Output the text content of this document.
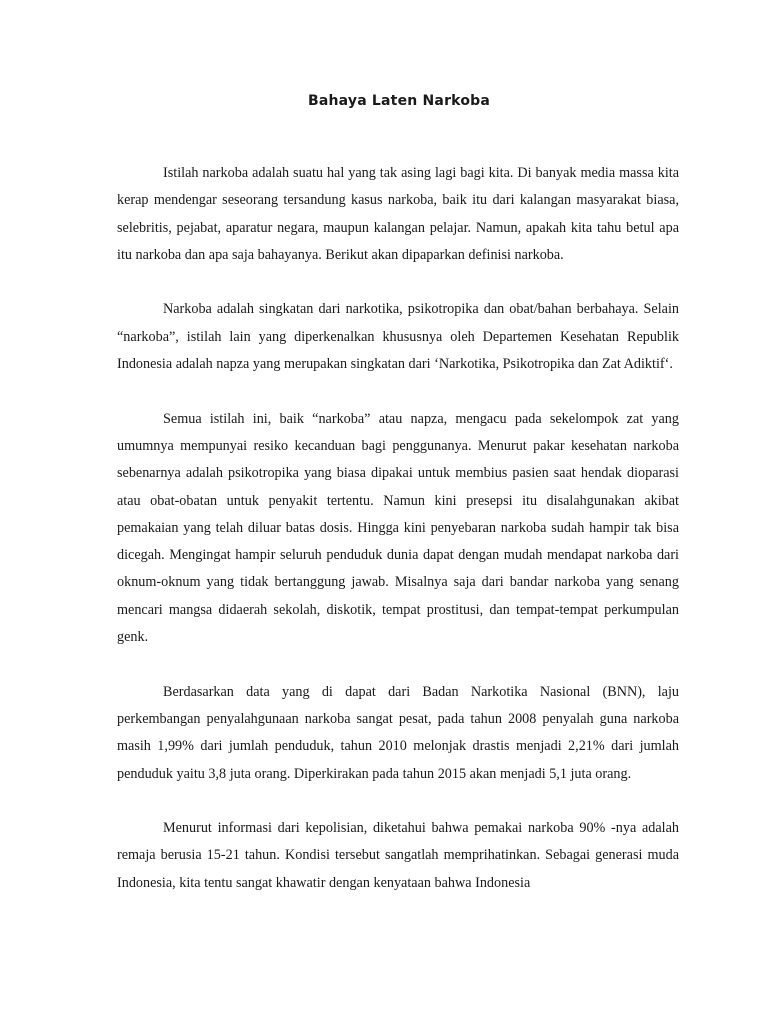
Bahaya Laten Narkoba

Istilah narkoba adalah suatu hal yang tak asing lagi bagi kita. Di banyak media massa kita kerap mendengar seseorang tersandung kasus narkoba, baik itu dari kalangan masyarakat biasa, selebritis, pejabat, aparatur negara, maupun kalangan pelajar. Namun, apakah kita tahu betul apa itu narkoba dan apa saja bahayanya. Berikut akan dipaparkan definisi narkoba.

Narkoba adalah singkatan dari narkotika, psikotropika dan obat/bahan berbahaya. Selain “narkoba”, istilah lain yang diperkenalkan khususnya oleh Departemen Kesehatan Republik Indonesia adalah napza yang merupakan singkatan dari ‘Narkotika, Psikotropika dan Zat Adiktif‘.

Semua istilah ini, baik “narkoba” atau napza, mengacu pada sekelompok zat yang umumnya mempunyai resiko kecanduan bagi penggunanya. Menurut pakar kesehatan narkoba sebenarnya adalah psikotropika yang biasa dipakai untuk membius pasien saat hendak dioparasi atau obat-obatan untuk penyakit tertentu. Namun kini presepsi itu disalahgunakan akibat pemakaian yang telah diluar batas dosis. Hingga kini penyebaran narkoba sudah hampir tak bisa dicegah. Mengingat hampir seluruh penduduk dunia dapat dengan mudah mendapat narkoba dari oknum-oknum yang tidak bertanggung jawab. Misalnya saja dari bandar narkoba yang senang mencari mangsa didaerah sekolah, diskotik, tempat prostitusi, dan tempat-tempat perkumpulan genk.

Berdasarkan data yang di dapat dari Badan Narkotika Nasional (BNN), laju perkembangan penyalahgunaan narkoba sangat pesat, pada tahun 2008 penyalah guna narkoba masih 1,99% dari jumlah penduduk, tahun 2010 melonjak drastis menjadi 2,21% dari jumlah penduduk yaitu 3,8 juta orang. Diperkirakan pada tahun 2015 akan menjadi 5,1 juta orang.

Menurut informasi dari kepolisian, diketahui bahwa pemakai narkoba 90% -nya adalah remaja berusia 15-21 tahun. Kondisi tersebut sangatlah memprihatinkan. Sebagai generasi muda Indonesia, kita tentu sangat khawatir dengan kenyataan bahwa Indonesia
